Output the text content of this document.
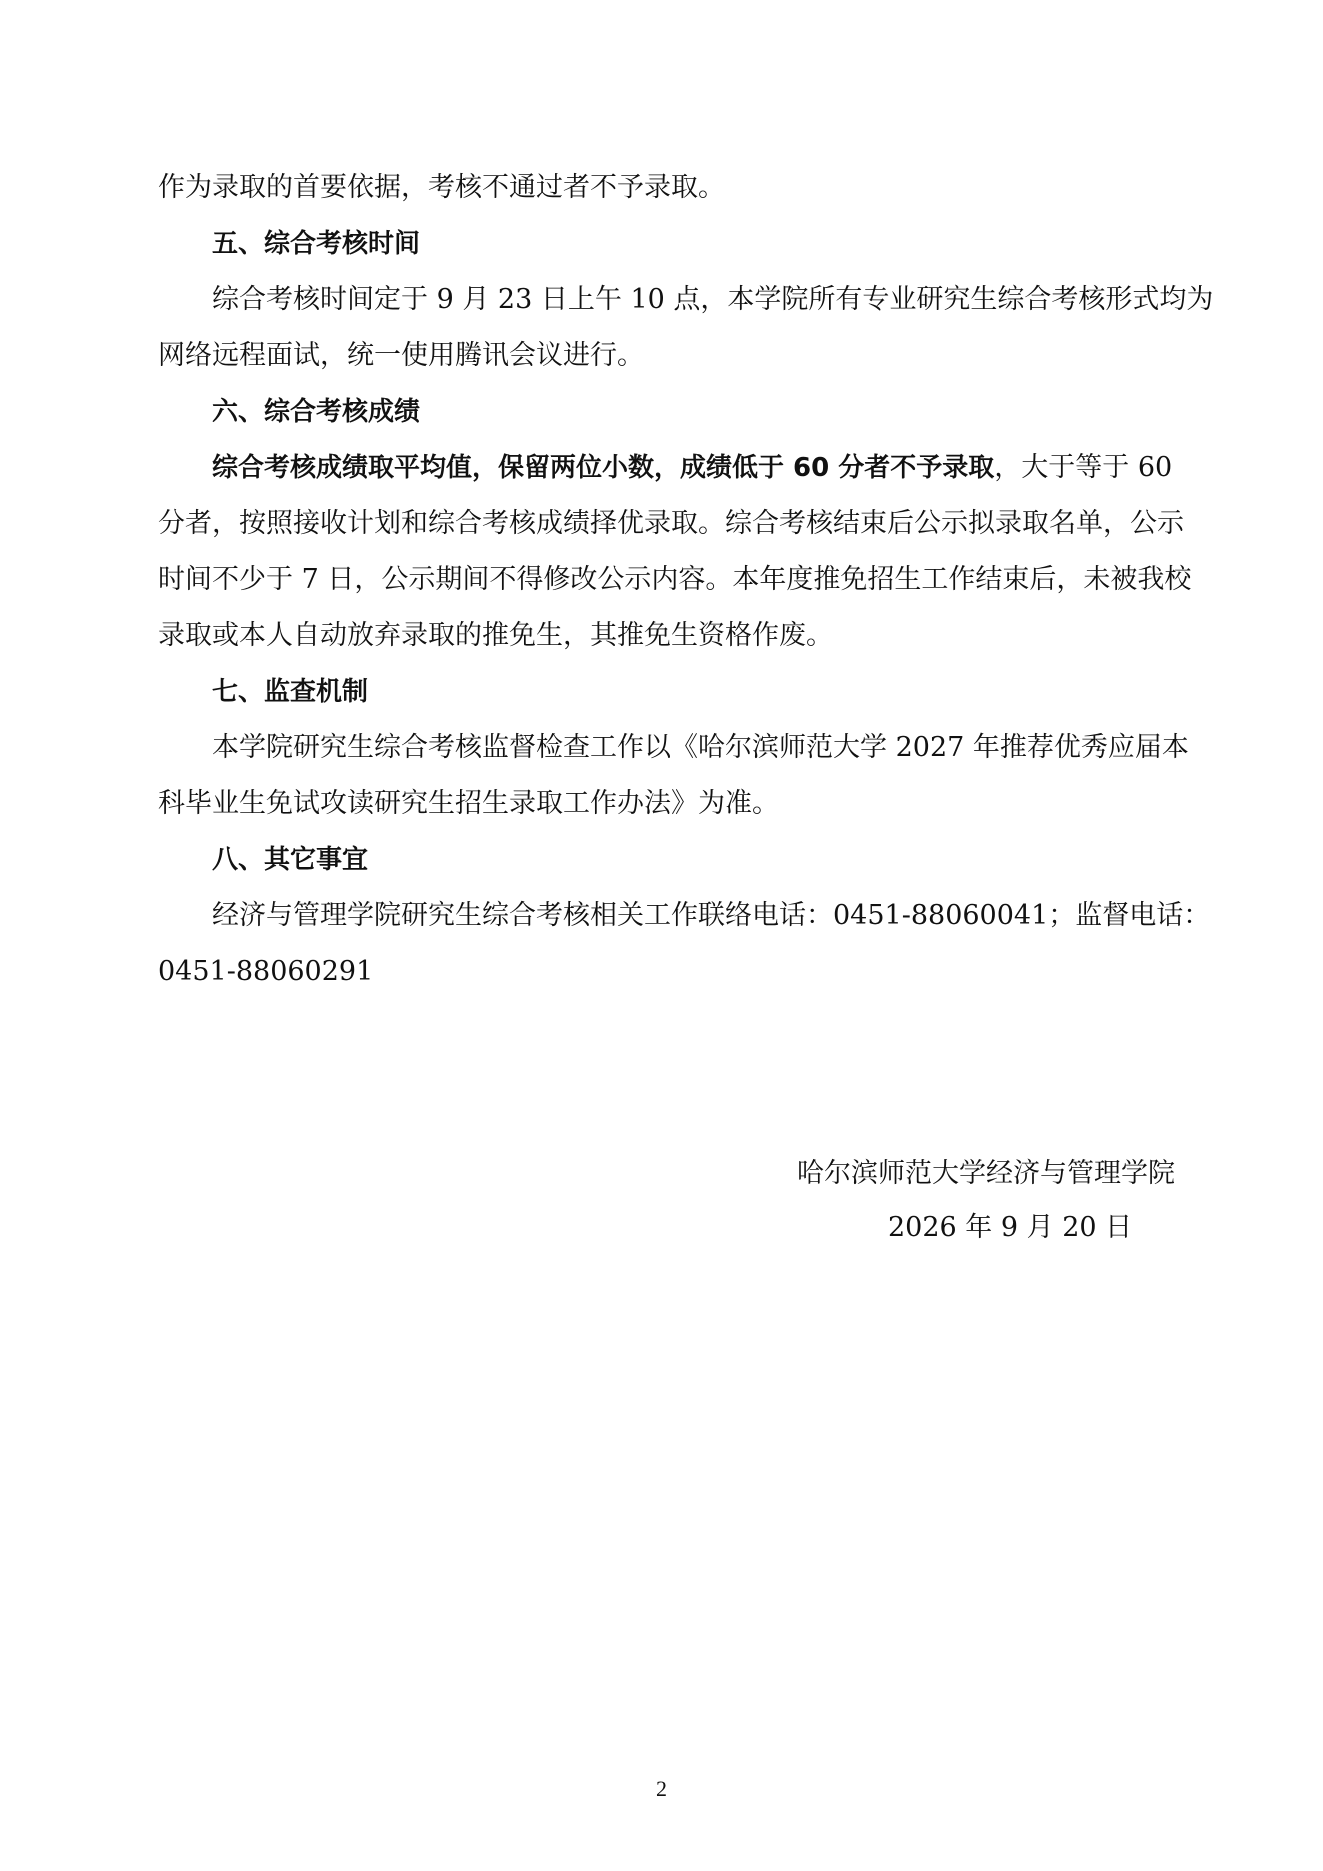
作为录取的首要依据，考核不通过者不予录取。

五、综合考核时间

综合考核时间定于 9 月 23 日上午 10 点，本学院所有专业研究生综合考核形式均为

网络远程面试，统一使用腾讯会议进行。

六、综合考核成绩

综合考核成绩取平均值，保留两位小数，成绩低于 60 分者不予录取，大于等于 60

分者，按照接收计划和综合考核成绩择优录取。综合考核结束后公示拟录取名单，公示

时间不少于 7 日，公示期间不得修改公示内容。本年度推免招生工作结束后，未被我校

录取或本人自动放弃录取的推免生，其推免生资格作废。

七、监查机制

本学院研究生综合考核监督检查工作以《哈尔滨师范大学 2027 年推荐优秀应届本

科毕业生免试攻读研究生招生录取工作办法》为准。

八、其它事宜

经济与管理学院研究生综合考核相关工作联络电话：0451-88060041；监督电话：

0451-88060291

哈尔滨师范大学经济与管理学院
2026 年 9 月 20 日
2
